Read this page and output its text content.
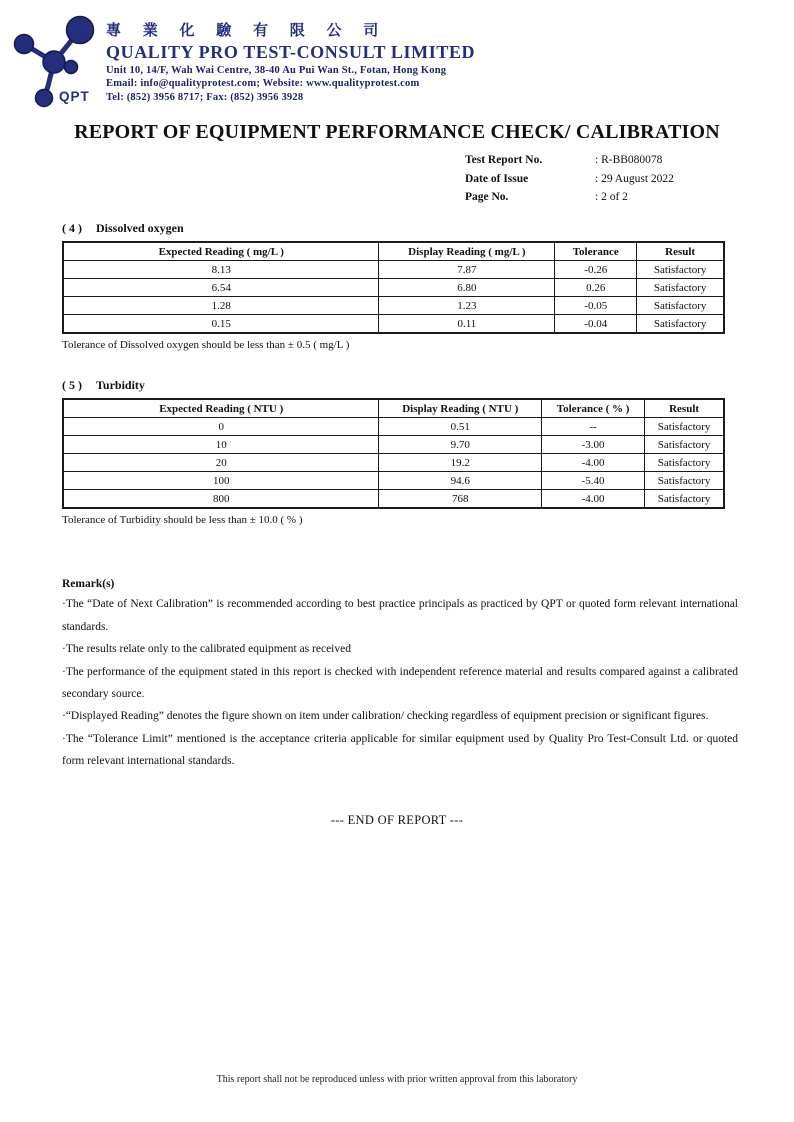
QPT
專 業 化 驗 有 限 公 司
QUALITY PRO TEST-CONSULT LIMITED
Unit 10, 14/F, Wah Wai Centre, 38-40 Au Pui Wan St., Fotan, Hong Kong
Email: info@qualityprotest.com; Website: www.qualityprotest.com
Tel: (852) 3956 8717; Fax: (852) 3956 3928
REPORT OF EQUIPMENT PERFORMANCE CHECK/ CALIBRATION
Test Report No.	: R-BB080078
Date of Issue	: 29 August 2022
Page No.	: 2 of 2
( 4 ) Dissolved oxygen
Expected Reading ( mg/L )	Display Reading ( mg/L )	Tolerance	Result
8.13	7.87	-0.26	Satisfactory
6.54	6.80	0.26	Satisfactory
1.28	1.23	-0.05	Satisfactory
0.15	0.11	-0.04	Satisfactory
Tolerance of Dissolved oxygen should be less than ± 0.5 ( mg/L )
( 5 ) Turbidity
Expected Reading ( NTU )	Display Reading ( NTU )	Tolerance ( % )	Result
0	0.51	--	Satisfactory
10	9.70	-3.00	Satisfactory
20	19.2	-4.00	Satisfactory
100	94.6	-5.40	Satisfactory
800	768	-4.00	Satisfactory
Tolerance of Turbidity should be less than ± 10.0 ( % )
Remark(s)
·The “Date of Next Calibration” is recommended according to best practice principals as practiced by QPT or quoted form relevant international standards.
·The results relate only to the calibrated equipment as received
·The performance of the equipment stated in this report is checked with independent reference material and results compared against a calibrated secondary source.
·“Displayed Reading” denotes the figure shown on item under calibration/ checking regardless of equipment precision or significant figures.
·The “Tolerance Limit” mentioned is the acceptance criteria applicable for similar equipment used by Quality Pro Test-Consult Ltd. or quoted form relevant international standards.
--- END OF REPORT ---
This report shall not be reproduced unless with prior written approval from this laboratory
